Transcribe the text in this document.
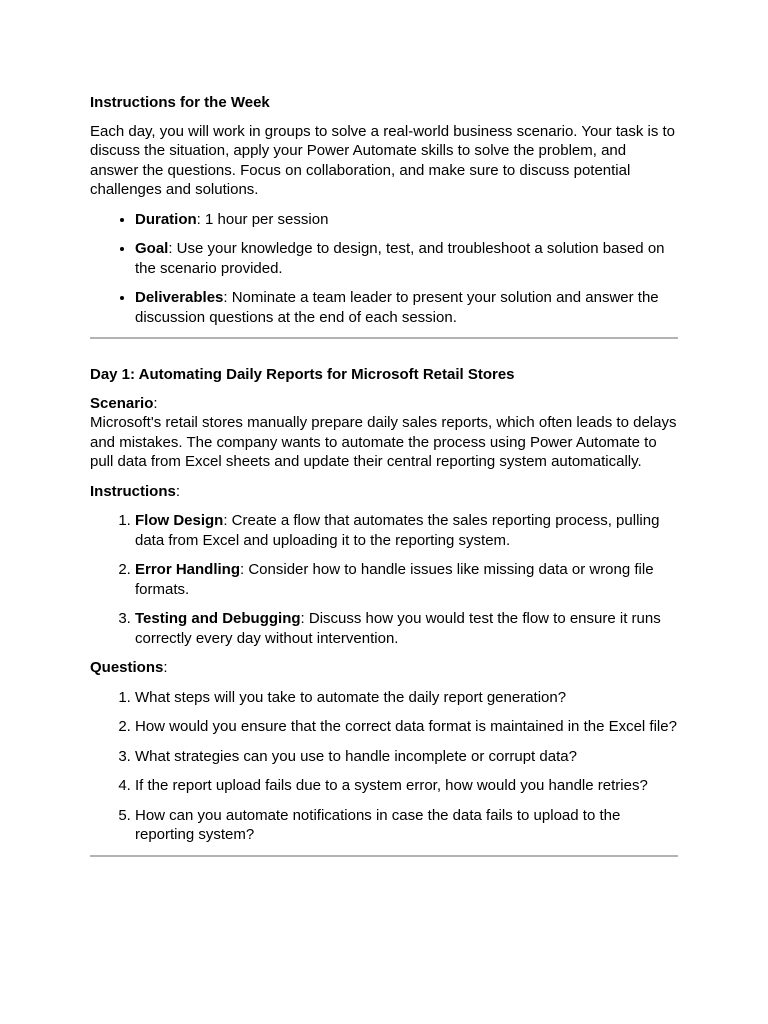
Instructions for the Week

Each day, you will work in groups to solve a real-world business scenario. Your task is to discuss the situation, apply your Power Automate skills to solve the problem, and answer the questions. Focus on collaboration, and make sure to discuss potential challenges and solutions.

• Duration: 1 hour per session
• Goal: Use your knowledge to design, test, and troubleshoot a solution based on the scenario provided.
• Deliverables: Nominate a team leader to present your solution and answer the discussion questions at the end of each session.
Day 1: Automating Daily Reports for Microsoft Retail Stores
Scenario:
Microsoft's retail stores manually prepare daily sales reports, which often leads to delays and mistakes. The company wants to automate the process using Power Automate to pull data from Excel sheets and update their central reporting system automatically.

Instructions:

1. Flow Design: Create a flow that automates the sales reporting process, pulling data from Excel and uploading it to the reporting system.
2. Error Handling: Consider how to handle issues like missing data or wrong file formats.
3. Testing and Debugging: Discuss how you would test the flow to ensure it runs correctly every day without intervention.

Questions:

1. What steps will you take to automate the daily report generation?
2. How would you ensure that the correct data format is maintained in the Excel file?
3. What strategies can you use to handle incomplete or corrupt data?
4. If the report upload fails due to a system error, how would you handle retries?
5. How can you automate notifications in case the data fails to upload to the reporting system?
